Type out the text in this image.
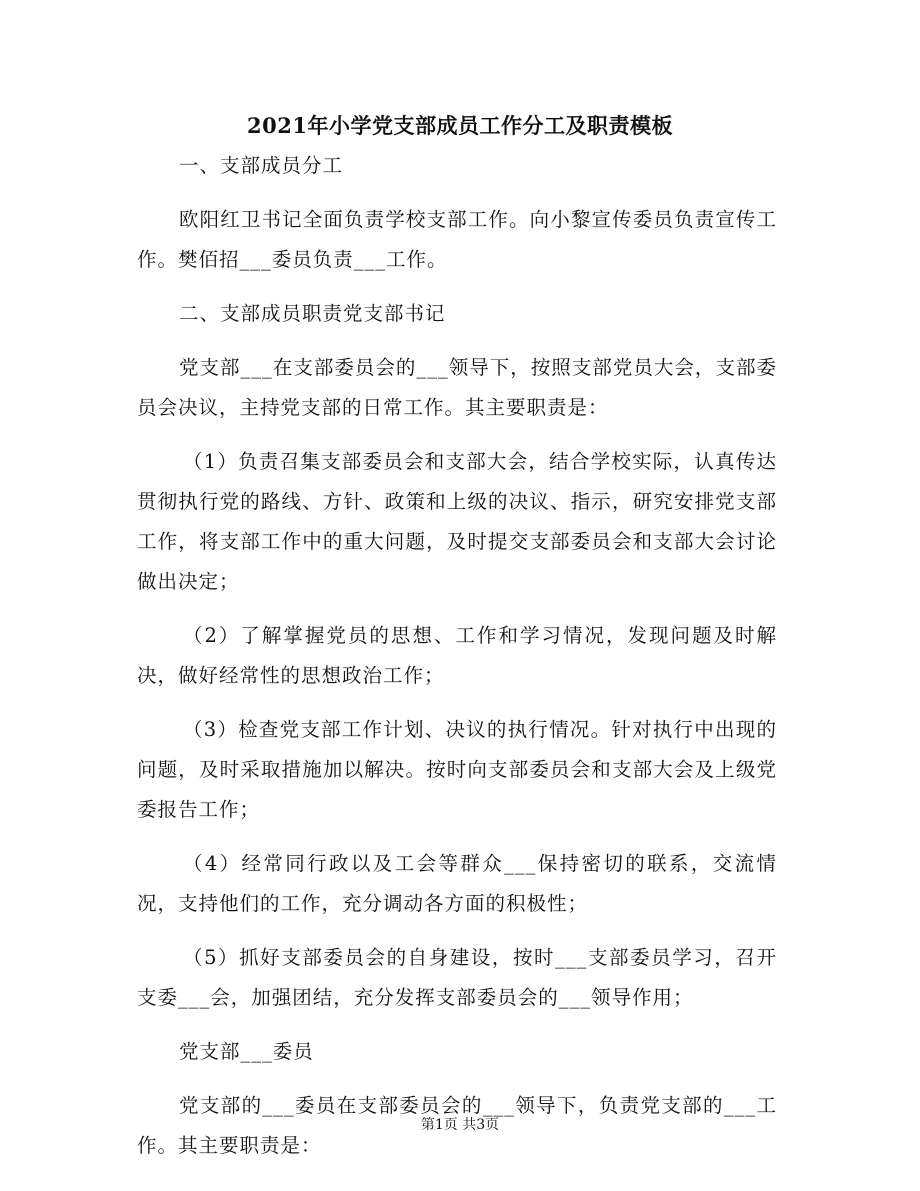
2021年小学党支部成员工作分工及职责模板

一、支部成员分工

欧阳红卫书记全面负责学校支部工作。向小黎宣传委员负责宣传工作。樊佰招___委员负责___工作。

二、支部成员职责党支部书记

党支部___在支部委员会的___领导下，按照支部党员大会，支部委员会决议，主持党支部的日常工作。其主要职责是：

（1）负责召集支部委员会和支部大会，结合学校实际，认真传达贯彻执行党的路线、方针、政策和上级的决议、指示，研究安排党支部工作，将支部工作中的重大问题，及时提交支部委员会和支部大会讨论做出决定；

（2）了解掌握党员的思想、工作和学习情况，发现问题及时解决，做好经常性的思想政治工作；

（3）检查党支部工作计划、决议的执行情况。针对执行中出现的问题，及时采取措施加以解决。按时向支部委员会和支部大会及上级党委报告工作；

（4）经常同行政以及工会等群众___保持密切的联系，交流情况，支持他们的工作，充分调动各方面的积极性；

（5）抓好支部委员会的自身建设，按时___支部委员学习，召开支委___会，加强团结，充分发挥支部委员会的___领导作用；

党支部___委员

党支部的___委员在支部委员会的___领导下，负责党支部的___工作。其主要职责是：

第1页 共3页
